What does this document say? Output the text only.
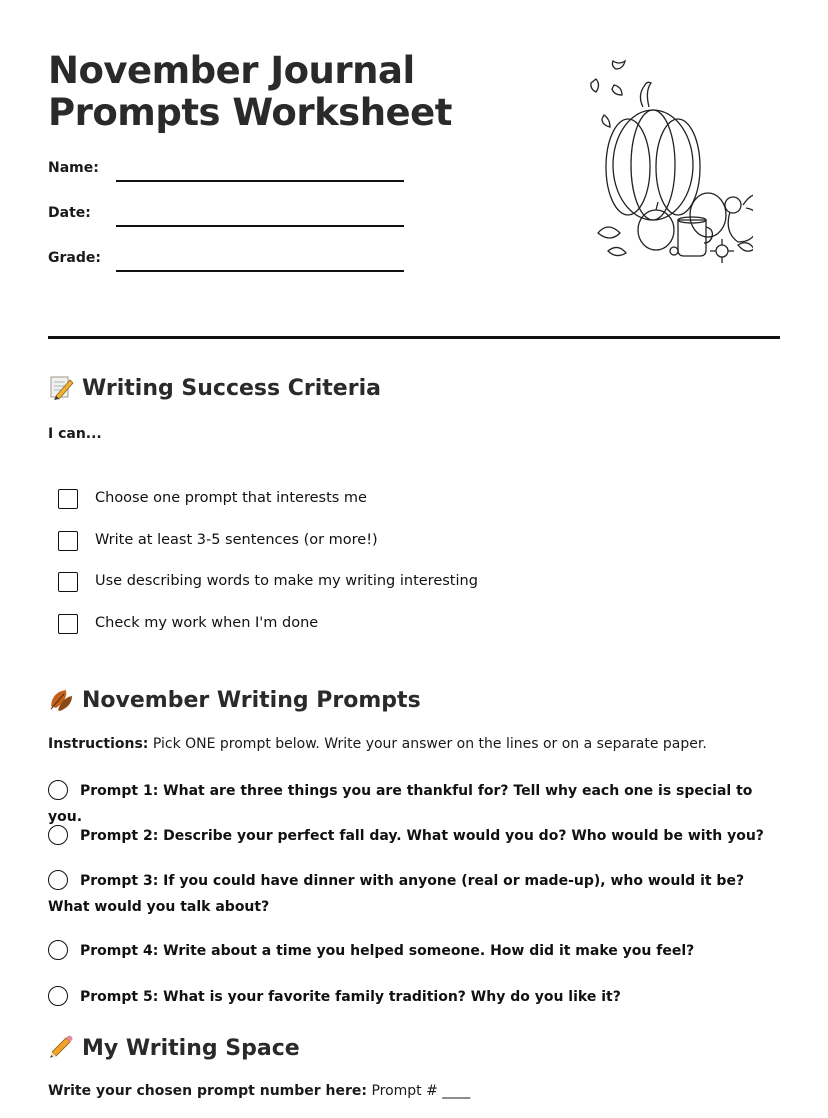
November Journal
Prompts Worksheet
Name:
Date:
Grade:
Writing Success Criteria
I can...
Choose one prompt that interests me
Write at least 3-5 sentences (or more!)
Use describing words to make my writing interesting
Check my work when I'm done
November Writing Prompts
Instructions: Pick ONE prompt below. Write your answer on the lines or on a separate paper.
Prompt 1: What are three things you are thankful for? Tell why each one is special to you.
Prompt 2: Describe your perfect fall day. What would you do? Who would be with you?
Prompt 3: If you could have dinner with anyone (real or made-up), who would it be? What would you talk about?
Prompt 4: Write about a time you helped someone. How did it make you feel?
Prompt 5: What is your favorite family tradition? Why do you like it?
My Writing Space
Write your chosen prompt number here: Prompt # ____
